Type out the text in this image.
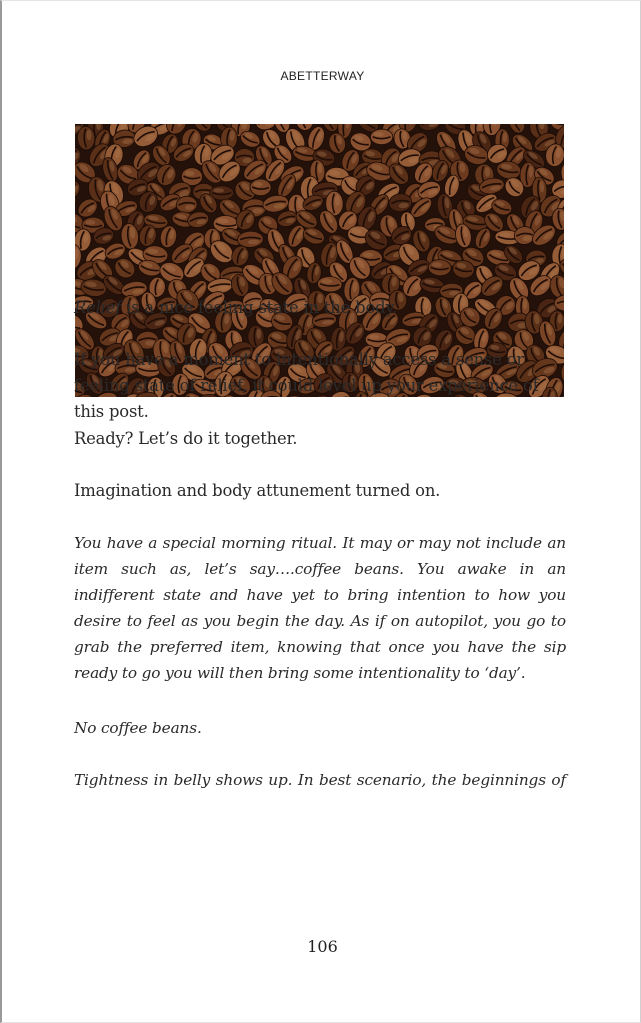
ABETTERWAY

Relief is a nice feeling state in the body.

If you have a moment to intentionally access a sense or feeling state of relief, it could level up your experience of this post.

Ready? Let’s do it together.

Imagination and body attunement turned on.

You have a special morning ritual. It may or may not include an item such as, let’s say….coffee beans. You awake in an indifferent state and have yet to bring intention to how you desire to feel as you begin the day. As if on autopilot, you go to grab the preferred item, knowing that once you have the sip ready to go you will then bring some intentionality to ‘day’.

No coffee beans.

Tightness in belly shows up. In best scenario, the beginnings of

106
